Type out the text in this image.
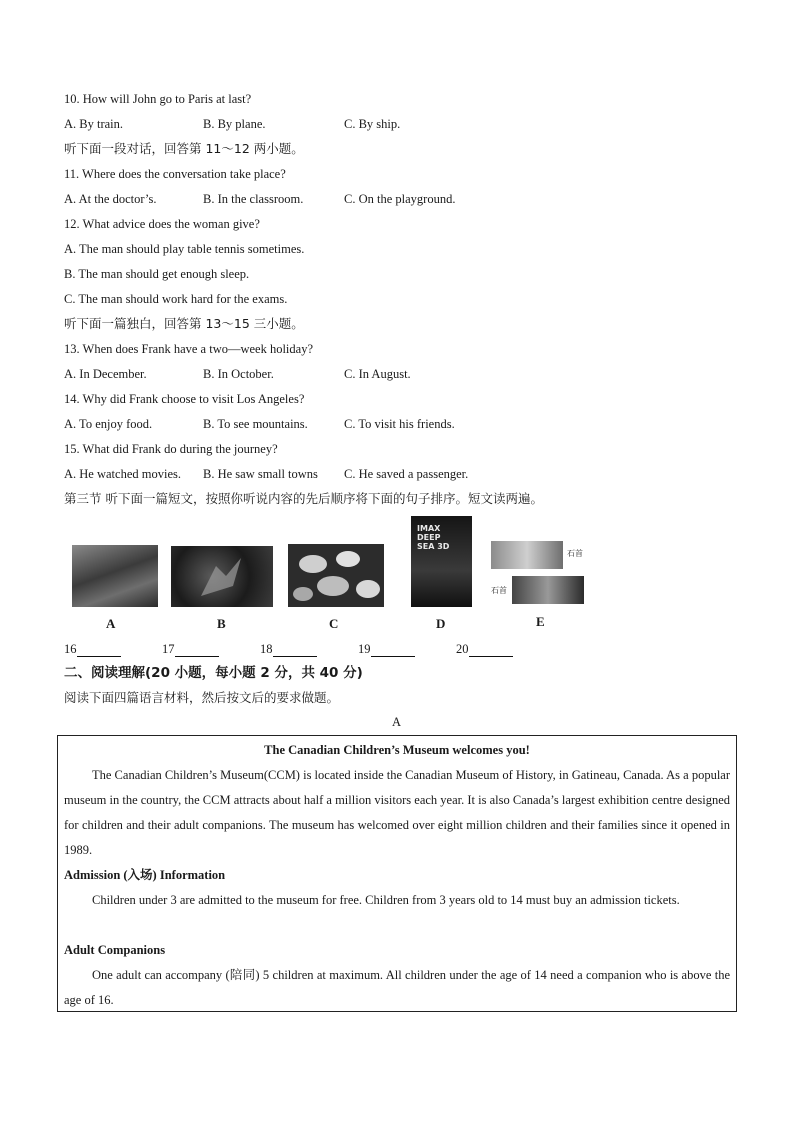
10. How will John go to Paris at last?
A. By train.	B. By plane.	C. By ship.
听下面一段对话，回答第 11～12 两小题。
11. Where does the conversation take place?
A. At the doctor’s.	B. In the classroom.	C. On the playground.
12. What advice does the woman give?
A. The man should play table tennis sometimes.
B. The man should get enough sleep.
C. The man should work hard for the exams.
听下面一篇独白，回答第 13～15 三小题。
13. When does Frank have a two—week holiday?
A. In December.	B. In October.	C. In August.
14. Why did Frank choose to visit Los Angeles?
A. To enjoy food.	B. To see mountains.	C. To visit his friends.
15. What did Frank do during the journey?
A. He watched movies. B. He saw small towns C. He saved a passenger.
第三节 听下面一篇短文，按照你听说内容的先后顺序将下面的句子排序。短文读两遍。
A	B	C
IMAX DEEP SEA 3D
D
石首
石首
E
16	17	18	19	20
二、阅读理解(20 小题，每小题 2 分，共 40 分)
阅读下面四篇语言材料，然后按文后的要求做题。
A

The Canadian Children’s Museum welcomes you!

The Canadian Children’s Museum(CCM) is located inside the Canadian Museum of History, in Gatineau, Canada. As a popular museum in the country, the CCM attracts about half a million visitors each year. It is also Canada’s largest exhibition centre designed for children and their adult companions. The museum has welcomed over eight million children and their families since it opened in 1989.

Admission (入场) Information

Children under 3 are admitted to the museum for free. Children from 3 years old to 14 must buy an admission tickets.

Adult Companions

One adult can accompany (陪同) 5 children at maximum. All children under the age of 14 need a companion who is above the age of 16.
